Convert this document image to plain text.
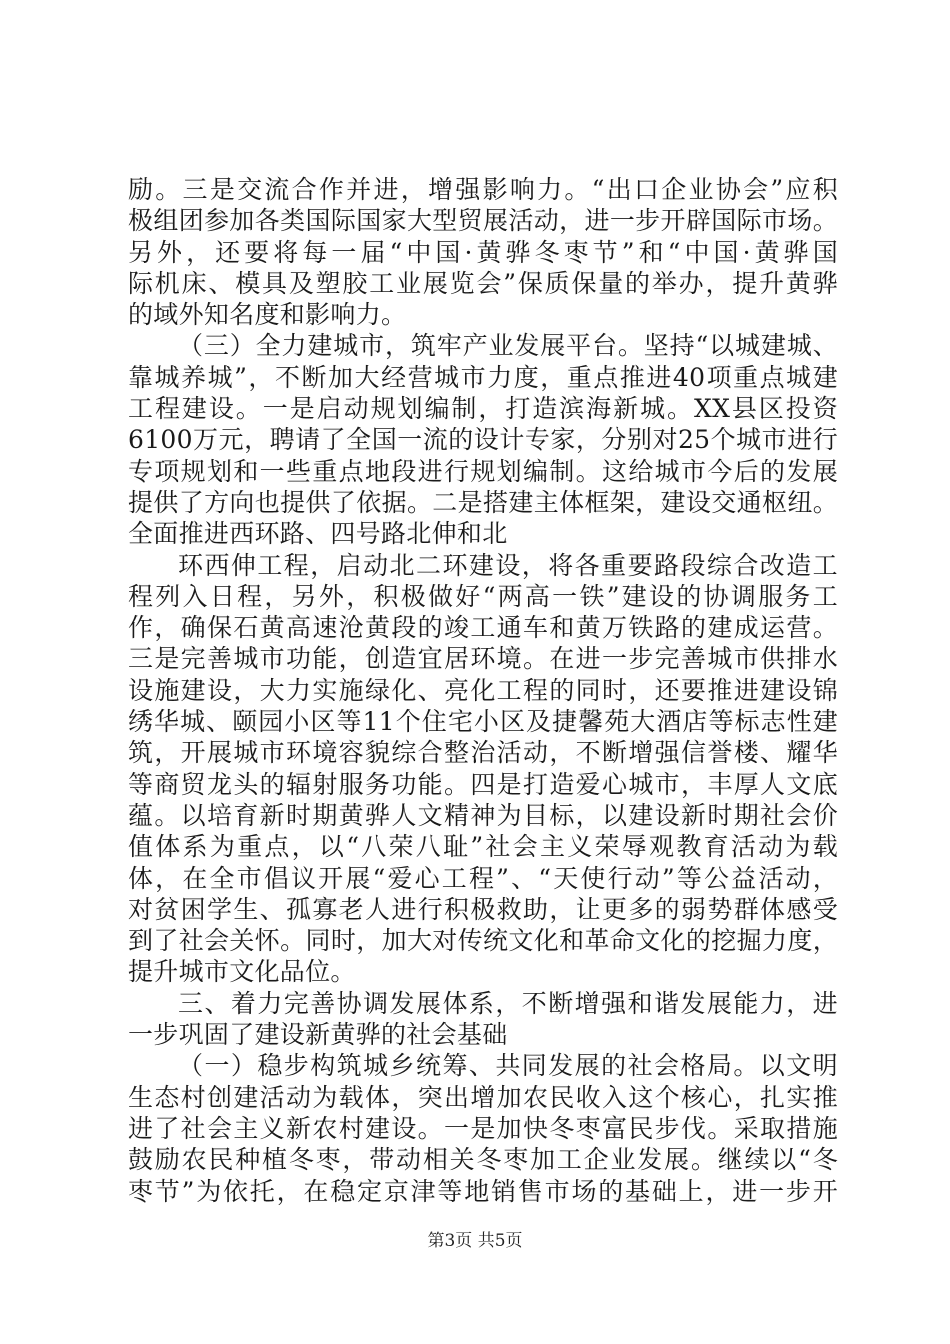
励。三是交流合作并进，增强影响力。“出口企业协会”应积
极组团参加各类国际国家大型贸展活动，进一步开辟国际市场。
另外，还要将每一届“中国·黄骅冬枣节”和“中国·黄骅国
际机床、模具及塑胶工业展览会”保质保量的举办，提升黄骅
的域外知名度和影响力。
（三）全力建城市，筑牢产业发展平台。坚持“以城建城、
靠城养城”，不断加大经营城市力度，重点推进40项重点城建
工程建设。一是启动规划编制，打造滨海新城。XX县区投资
6100万元，聘请了全国一流的设计专家，分别对25个城市进行
专项规划和一些重点地段进行规划编制。这给城市今后的发展
提供了方向也提供了依据。二是搭建主体框架，建设交通枢纽。
全面推进西环路、四号路北伸和北
环西伸工程，启动北二环建设，将各重要路段综合改造工
程列入日程，另外，积极做好“两高一铁”建设的协调服务工
作，确保石黄高速沧黄段的竣工通车和黄万铁路的建成运营。
三是完善城市功能，创造宜居环境。在进一步完善城市供排水
设施建设，大力实施绿化、亮化工程的同时，还要推进建设锦
绣华城、颐园小区等11个住宅小区及捷馨苑大酒店等标志性建
筑，开展城市环境容貌综合整治活动，不断增强信誉楼、耀华
等商贸龙头的辐射服务功能。四是打造爱心城市，丰厚人文底
蕴。以培育新时期黄骅人文精神为目标，以建设新时期社会价
值体系为重点，以“八荣八耻”社会主义荣辱观教育活动为载
体，在全市倡议开展“爱心工程”、“天使行动”等公益活动，
对贫困学生、孤寡老人进行积极救助，让更多的弱势群体感受
到了社会关怀。同时，加大对传统文化和革命文化的挖掘力度，
提升城市文化品位。
三、着力完善协调发展体系，不断增强和谐发展能力，进
一步巩固了建设新黄骅的社会基础
（一）稳步构筑城乡统筹、共同发展的社会格局。以文明
生态村创建活动为载体，突出增加农民收入这个核心，扎实推
进了社会主义新农村建设。一是加快冬枣富民步伐。采取措施
鼓励农民种植冬枣，带动相关冬枣加工企业发展。继续以“冬
枣节”为依托，在稳定京津等地销售市场的基础上，进一步开
第3页 共5页
